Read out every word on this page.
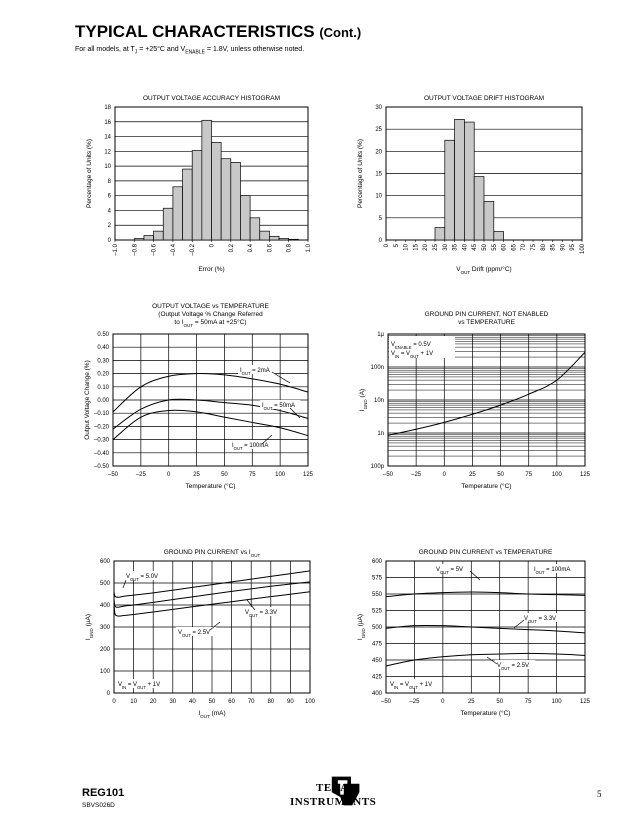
TYPICAL CHARACTERISTICS (Cont.)
For all models, at $T_J = +25^\circ C$ and $V_{ENABLE} = 1.8V$, unless otherwise noted.
OUTPUT VOLTAGE ACCURACY HISTOGRAM
0
2
4
6
8
10
12
14
16
18
–1.0 –0.8 –0.6 –0.4 –0.2 0 0.2 0.4 0.6 0.8 1.0
Error (%)
Percentage of Units (%)
OUTPUT VOLTAGE DRIFT HISTOGRAM
0
5
10
15
20
25
30
0 5 10 15 20 25 30 35 40 45 50 55 60 65 70 75 80 85 90 95 100
$V_{OUT}$ Drift (ppm/°C)
Percentage of Units (%)
OUTPUT VOLTAGE vs TEMPERATURE
(Output Voltage % Change Referred
to $I_{OUT} = 50mA$ at +25°C)
–0.50
–0.40
–0.30
–0.20
–0.10
0.00
0.10
0.20
0.30
0.40
0.50
–50	–25	0	25	50	75	100	125
Temperature (°C)
Output Voltage Change (%)
GROUND PIN CURRENT, NOT ENABLED
vs TEMPERATURE
100p
1n
10n
100n
1µ
–50	–25	0	25	50	75	100	125
Temperature (°C)
$I_{GND}$ (A)
GROUND PIN CURRENT vs $I_{OUT}$
0
100
200
300
400
500
600
0 10 20 30 40 50 60 70 80 90 100
$I_{OUT}$ (mA)
$I_{GND}$ (µA)
GROUND PIN CURRENT vs TEMPERATURE
400
425
450
475
500
525
550
575
600
–50	–25	0	25	50	75	100	125
Temperature (°C)
$I_{GND}$ (µA)
$I_{OUT} = 2mA$
$I_{OUT} = 50mA$
$I_{OUT} = 100mA$
$V_{ENABLE} = 0.5V$
$V_{IN} = V_{OUT} + 1V$
$V_{OUT} = 5.0V$
$V_{OUT} = 3.3V$
$V_{OUT} = 2.5V$
$V_{IN} = V_{OUT} + 1V$
$V_{OUT} = 5V$	$I_{OUT} = 100mA$
$V_{OUT} = 3.3V$
$V_{OUT} = 2.5V$
$V_{IN} = V_{OUT} + 1V$
REG101
SBVS026D
TEXAS
INSTRUMENTS
5
